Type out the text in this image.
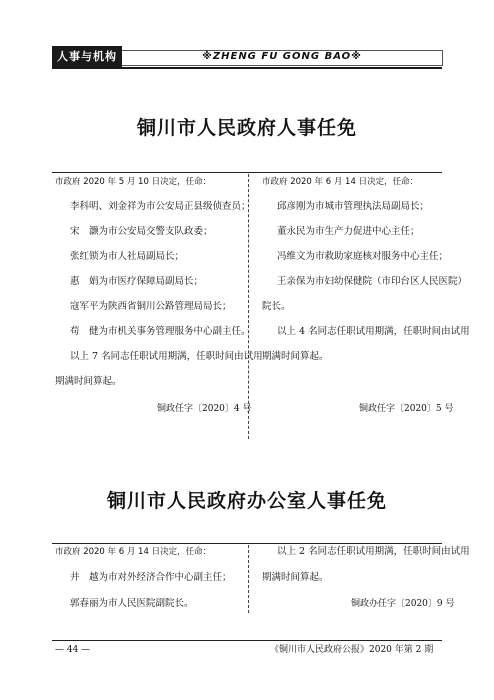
※ZHENG FU GONG BAO※
人事与机构
铜川市人民政府人事任免
市政府 2020 年 5 月 10 日决定，任命：
李科明、刘金祥为市公安局正县级侦查员；
宋　灏为市公安局交警支队政委；
张红锁为市人社局副局长；
惠　娟为市医疗保障局副局长；
寇军平为陕西省铜川公路管理局局长；
苟　健为市机关事务管理服务中心副主任。
以上 7 名同志任职试用期满，任职时间由试用
期满时间算起。
铜政任字〔2020〕4 号
市政府 2020 年 6 月 14 日决定，任命：
邱彦刚为市城市管理执法局副局长；
董永民为市生产力促进中心主任；
冯维文为市救助家庭核对服务中心主任；
王亲保为市妇幼保健院（市印台区人民医院）
院长。
以上 4 名同志任职试用期满，任职时间由试用
期满时间算起。
铜政任字〔2020〕5 号
铜川市人民政府办公室人事任免
市政府 2020 年 6 月 14 日决定，任命：
井　越为市对外经济合作中心副主任；
郭春丽为市人民医院副院长。
以上 2 名同志任职试用期满，任职时间由试用
期满时间算起。
铜政办任字〔2020〕9 号
— 44 —	《铜川市人民政府公报》2020 年第 2 期
